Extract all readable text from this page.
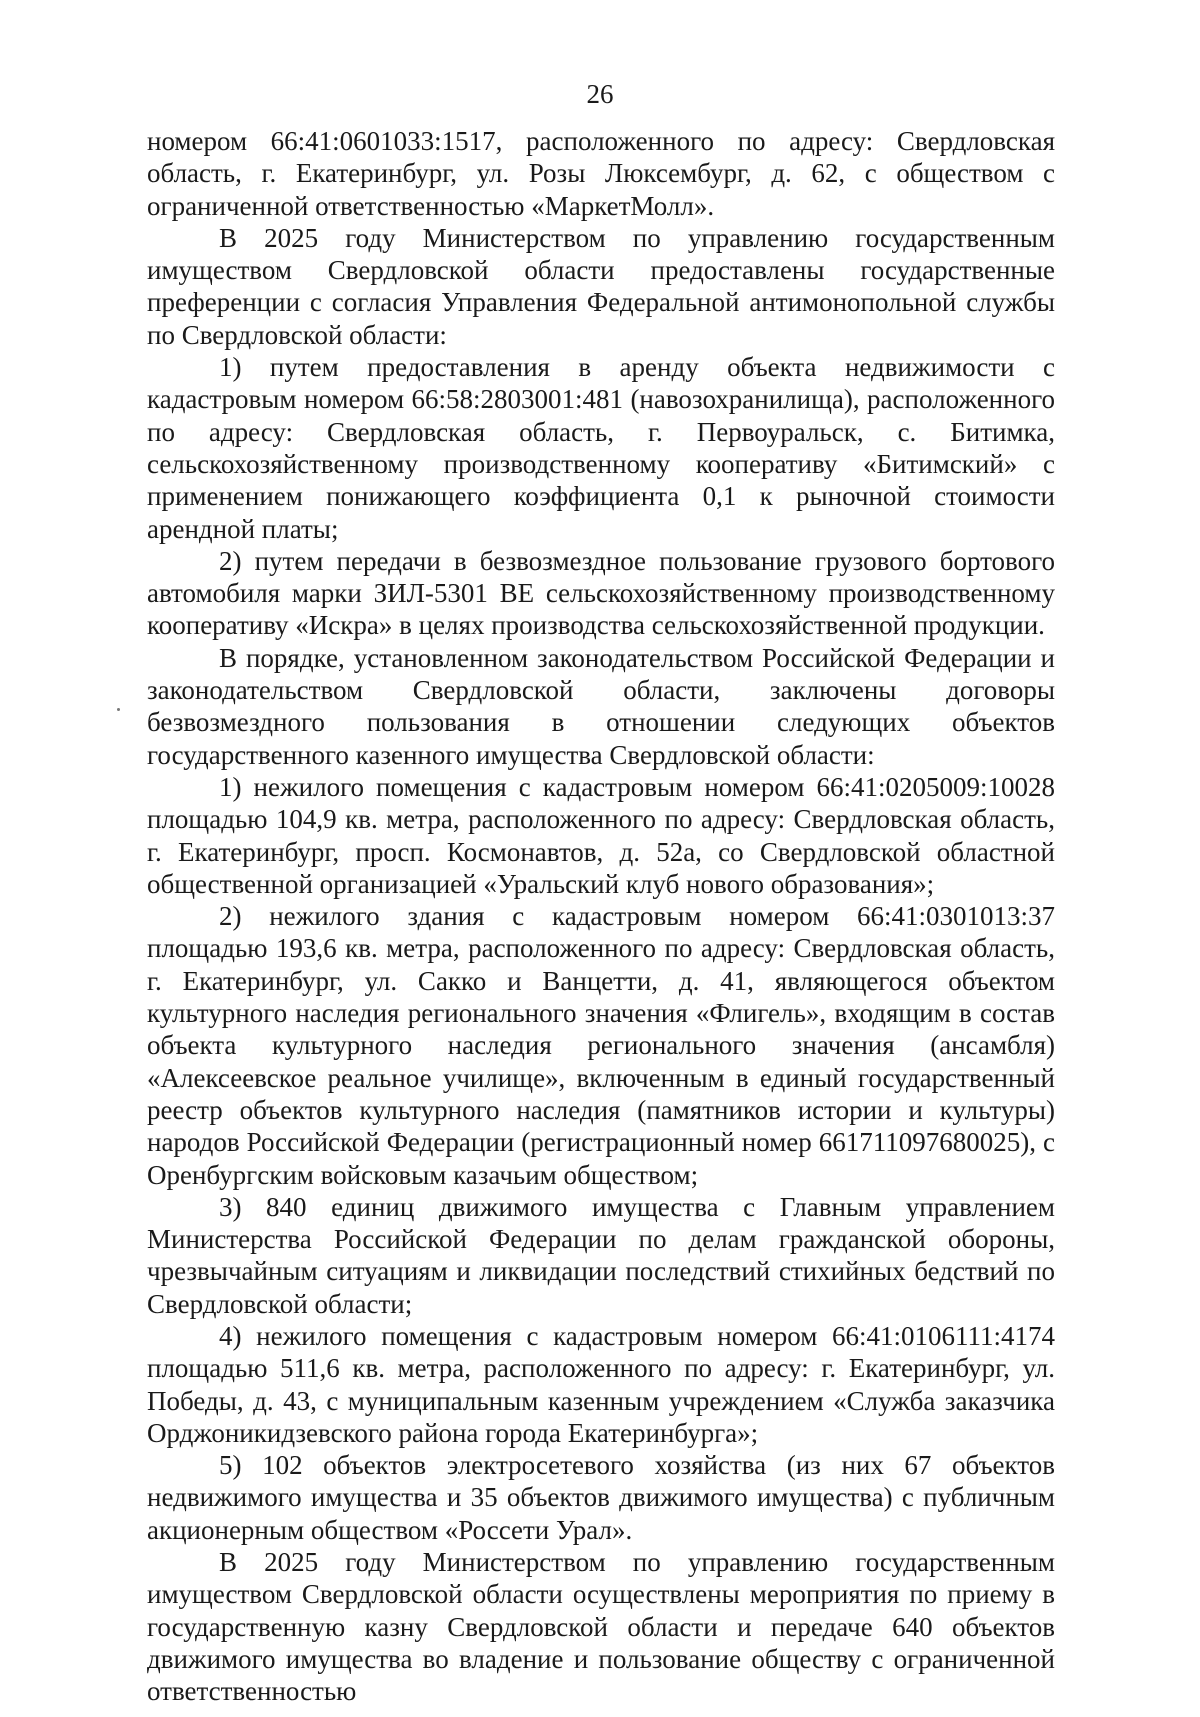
26

номером 66:41:0601033:1517, расположенного по адресу: Свердловская область, г. Екатеринбург, ул. Розы Люксембург, д. 62, с обществом с ограниченной ответственностью «МаркетМолл».

В 2025 году Министерством по управлению государственным имуществом Свердловской области предоставлены государственные преференции с согласия Управления Федеральной антимонопольной службы по Свердловской области:

1) путем предоставления в аренду объекта недвижимости с кадастровым номером 66:58:2803001:481 (навозохранилища), расположенного по адресу: Свердловская область, г. Первоуральск, с. Битимка, сельскохозяйственному производственному кооперативу «Битимский» с применением понижающего коэффициента 0,1 к рыночной стоимости арендной платы;

2) путем передачи в безвозмездное пользование грузового бортового автомобиля марки ЗИЛ-5301 ВЕ сельскохозяйственному производственному кооперативу «Искра» в целях производства сельскохозяйственной продукции.

В порядке, установленном законодательством Российской Федерации и законодательством Свердловской области, заключены договоры безвозмездного пользования в отношении следующих объектов государственного казенного имущества Свердловской области:

1) нежилого помещения с кадастровым номером 66:41:0205009:10028 площадью 104,9 кв. метра, расположенного по адресу: Свердловская область, г. Екатеринбург, просп. Космонавтов, д. 52а, со Свердловской областной общественной организацией «Уральский клуб нового образования»;

2) нежилого здания с кадастровым номером 66:41:0301013:37 площадью 193,6 кв. метра, расположенного по адресу: Свердловская область, г. Екатеринбург, ул. Сакко и Ванцетти, д. 41, являющегося объектом культурного наследия регионального значения «Флигель», входящим в состав объекта культурного наследия регионального значения (ансамбля) «Алексеевское реальное училище», включенным в единый государственный реестр объектов культурного наследия (памятников истории и культуры) народов Российской Федерации (регистрационный номер 661711097680025), с Оренбургским войсковым казачьим обществом;

3) 840 единиц движимого имущества с Главным управлением Министерства Российской Федерации по делам гражданской обороны, чрезвычайным ситуациям и ликвидации последствий стихийных бедствий по Свердловской области;

4) нежилого помещения с кадастровым номером 66:41:0106111:4174 площадью 511,6 кв. метра, расположенного по адресу: г. Екатеринбург, ул. Победы, д. 43, с муниципальным казенным учреждением «Служба заказчика Орджоникидзевского района города Екатеринбурга»;

5) 102 объектов электросетевого хозяйства (из них 67 объектов недвижимого имущества и 35 объектов движимого имущества) с публичным акционерным обществом «Россети Урал».

В 2025 году Министерством по управлению государственным имуществом Свердловской области осуществлены мероприятия по приему в государственную казну Свердловской области и передаче 640 объектов движимого имущества во владение и пользование обществу с ограниченной ответственностью
